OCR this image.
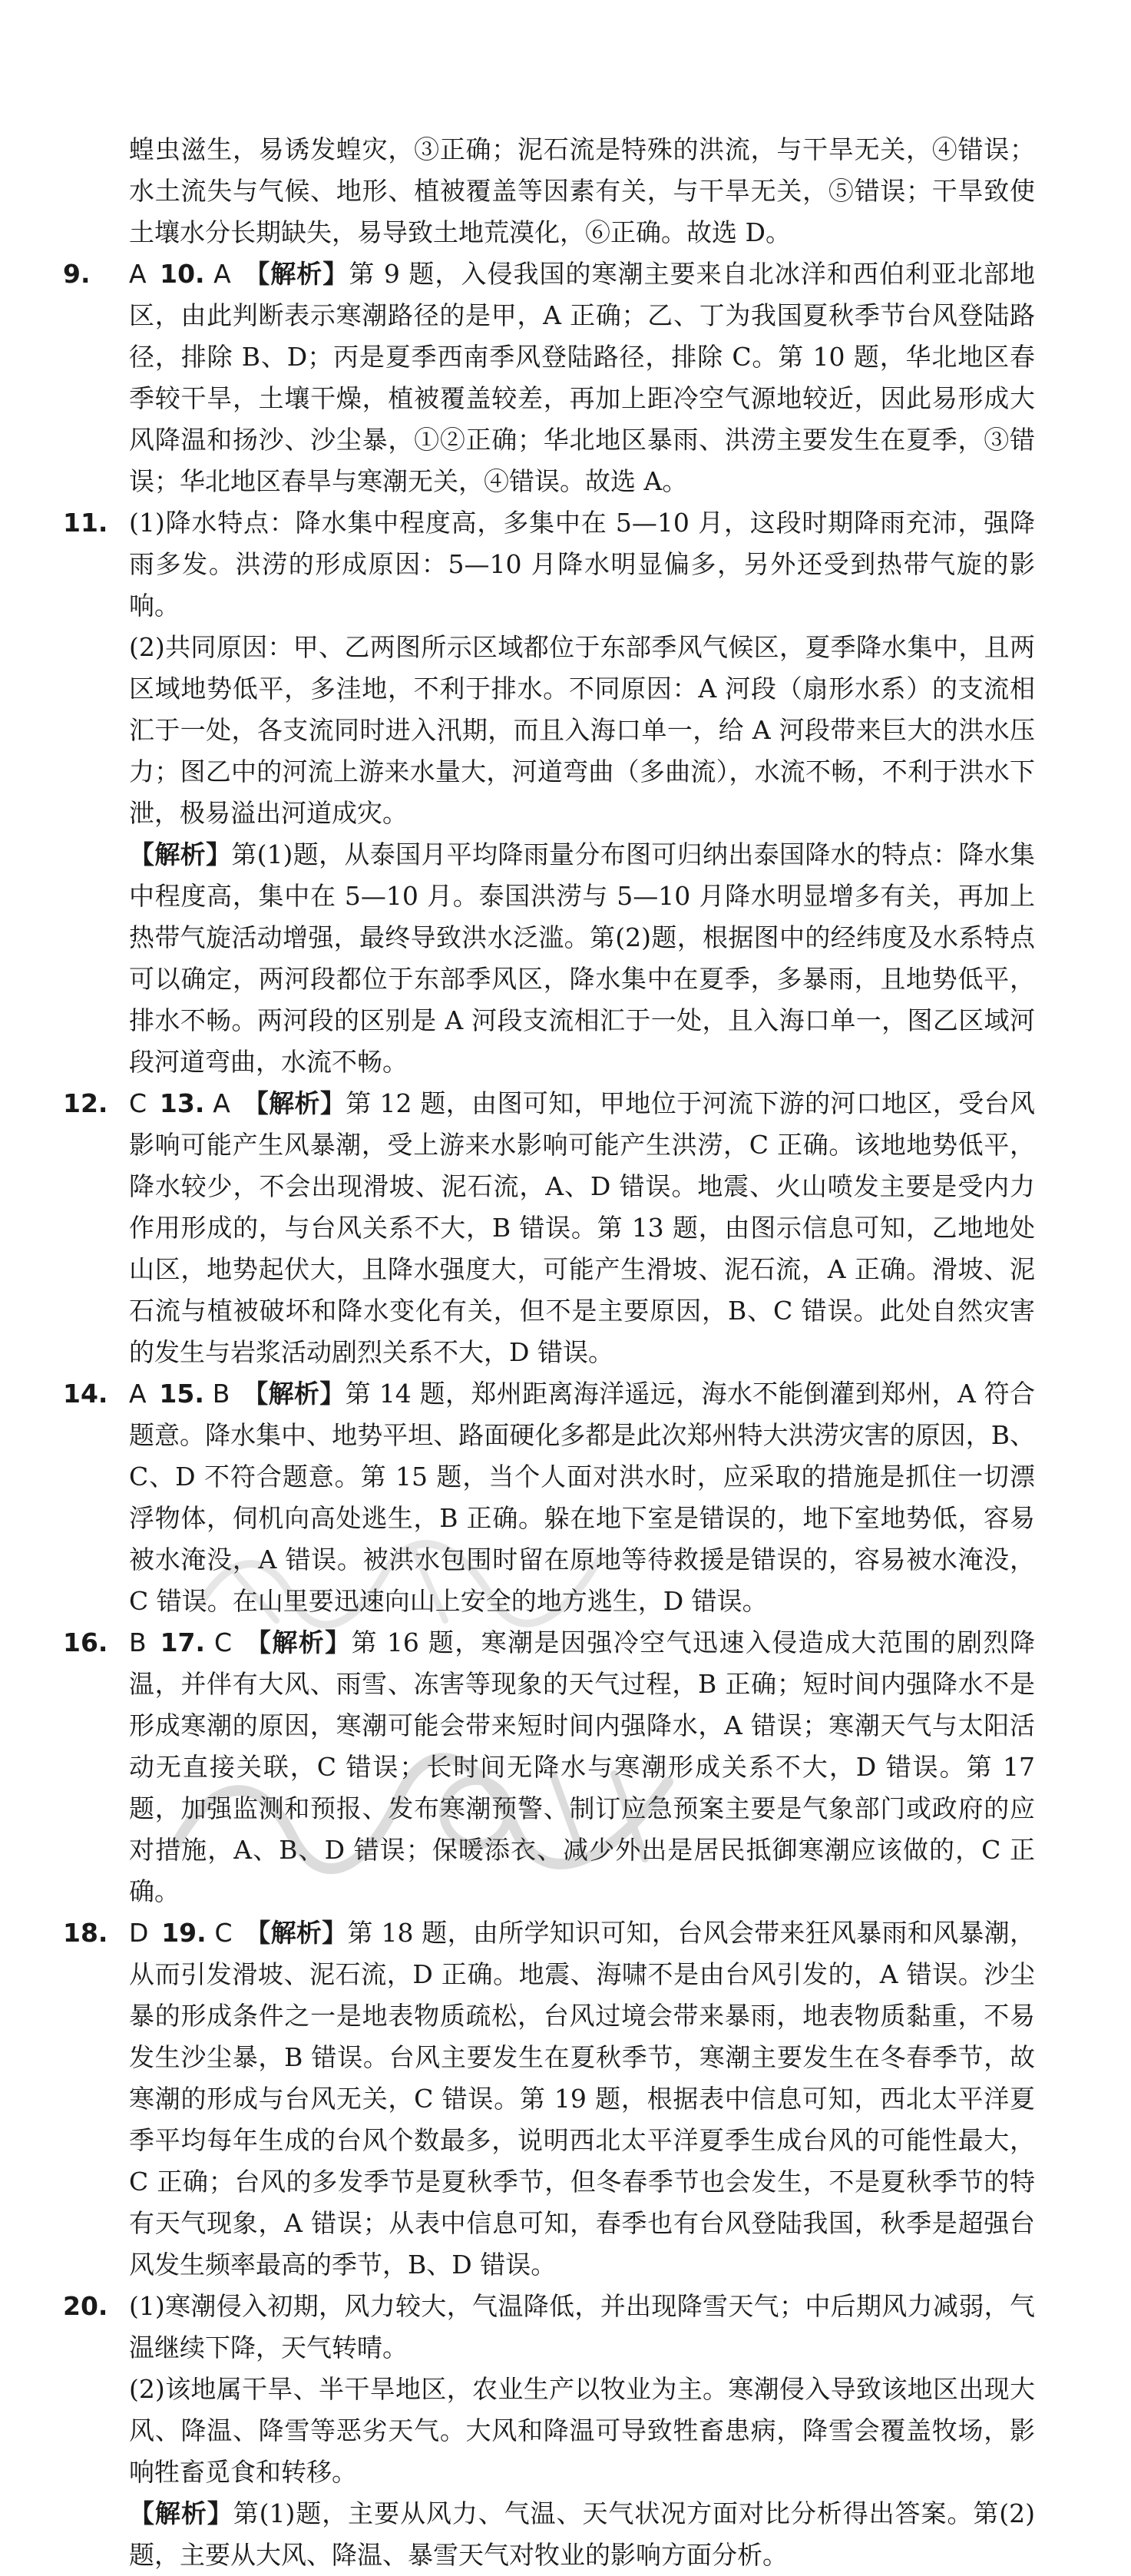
蝗虫滋生，易诱发蝗灾，③正确；泥石流是特殊的洪流，与干旱无关，④错误；水土流失与气候、地形、植被覆盖等因素有关，与干旱无关，⑤错误；干旱致使土壤水分长期缺失，易导致土地荒漠化，⑥正确。故选 D。
9. A 10. A 【解析】第 9 题，入侵我国的寒潮主要来自北冰洋和西伯利亚北部地区，由此判断表示寒潮路径的是甲，A 正确；乙、丁为我国夏秋季节台风登陆路径，排除 B、D；丙是夏季西南季风登陆路径，排除 C。第 10 题，华北地区春季较干旱，土壤干燥，植被覆盖较差，再加上距冷空气源地较近，因此易形成大风降温和扬沙、沙尘暴，①②正确；华北地区暴雨、洪涝主要发生在夏季，③错误；华北地区春旱与寒潮无关，④错误。故选 A。
11. (1)降水特点：降水集中程度高，多集中在 5—10 月，这段时期降雨充沛，强降雨多发。洪涝的形成原因：5—10 月降水明显偏多，另外还受到热带气旋的影响。
(2)共同原因：甲、乙两图所示区域都位于东部季风气候区，夏季降水集中，且两区域地势低平，多洼地，不利于排水。不同原因：A 河段（扇形水系）的支流相汇于一处，各支流同时进入汛期，而且入海口单一，给 A 河段带来巨大的洪水压力；图乙中的河流上游来水量大，河道弯曲（多曲流），水流不畅，不利于洪水下泄，极易溢出河道成灾。
【解析】第(1)题，从泰国月平均降雨量分布图可归纳出泰国降水的特点：降水集中程度高，集中在 5—10 月。泰国洪涝与 5—10 月降水明显增多有关，再加上热带气旋活动增强，最终导致洪水泛滥。第(2)题，根据图中的经纬度及水系特点可以确定，两河段都位于东部季风区，降水集中在夏季，多暴雨，且地势低平，排水不畅。两河段的区别是 A 河段支流相汇于一处，且入海口单一，图乙区域河段河道弯曲，水流不畅。
12. C 13. A 【解析】第 12 题，由图可知，甲地位于河流下游的河口地区，受台风影响可能产生风暴潮，受上游来水影响可能产生洪涝，C 正确。该地地势低平，降水较少，不会出现滑坡、泥石流，A、D 错误。地震、火山喷发主要是受内力作用形成的，与台风关系不大，B 错误。第 13 题，由图示信息可知，乙地地处山区，地势起伏大，且降水强度大，可能产生滑坡、泥石流，A 正确。滑坡、泥石流与植被破坏和降水变化有关，但不是主要原因，B、C 错误。此处自然灾害的发生与岩浆活动剧烈关系不大，D 错误。
14. A 15. B 【解析】第 14 题，郑州距离海洋遥远，海水不能倒灌到郑州，A 符合题意。降水集中、地势平坦、路面硬化多都是此次郑州特大洪涝灾害的原因，B、C、D 不符合题意。第 15 题，当个人面对洪水时，应采取的措施是抓住一切漂浮物体，伺机向高处逃生，B 正确。躲在地下室是错误的，地下室地势低，容易被水淹没，A 错误。被洪水包围时留在原地等待救援是错误的，容易被水淹没，C 错误。在山里要迅速向山上安全的地方逃生，D 错误。
16. B 17. C 【解析】第 16 题，寒潮是因强冷空气迅速入侵造成大范围的剧烈降温，并伴有大风、雨雪、冻害等现象的天气过程，B 正确；短时间内强降水不是形成寒潮的原因，寒潮可能会带来短时间内强降水，A 错误；寒潮天气与太阳活动无直接关联，C 错误；长时间无降水与寒潮形成关系不大，D 错误。第 17 题，加强监测和预报、发布寒潮预警、制订应急预案主要是气象部门或政府的应对措施，A、B、D 错误；保暖添衣、减少外出是居民抵御寒潮应该做的，C 正确。
18. D 19. C 【解析】第 18 题，由所学知识可知，台风会带来狂风暴雨和风暴潮，从而引发滑坡、泥石流，D 正确。地震、海啸不是由台风引发的，A 错误。沙尘暴的形成条件之一是地表物质疏松，台风过境会带来暴雨，地表物质黏重，不易发生沙尘暴，B 错误。台风主要发生在夏秋季节，寒潮主要发生在冬春季节，故寒潮的形成与台风无关，C 错误。第 19 题，根据表中信息可知，西北太平洋夏季平均每年生成的台风个数最多，说明西北太平洋夏季生成台风的可能性最大，C 正确；台风的多发季节是夏秋季节，但冬春季节也会发生，不是夏秋季节的特有天气现象，A 错误；从表中信息可知，春季也有台风登陆我国，秋季是超强台风发生频率最高的季节，B、D 错误。
20. (1)寒潮侵入初期，风力较大，气温降低，并出现降雪天气；中后期风力减弱，气温继续下降，天气转晴。
(2)该地属干旱、半干旱地区，农业生产以牧业为主。寒潮侵入导致该地区出现大风、降温、降雪等恶劣天气。大风和降温可导致牲畜患病，降雪会覆盖牧场，影响牲畜觅食和转移。
【解析】第(1)题，主要从风力、气温、天气状况方面对比分析得出答案。第(2)题，主要从大风、降温、暴雪天气对牧业的影响方面分析。
